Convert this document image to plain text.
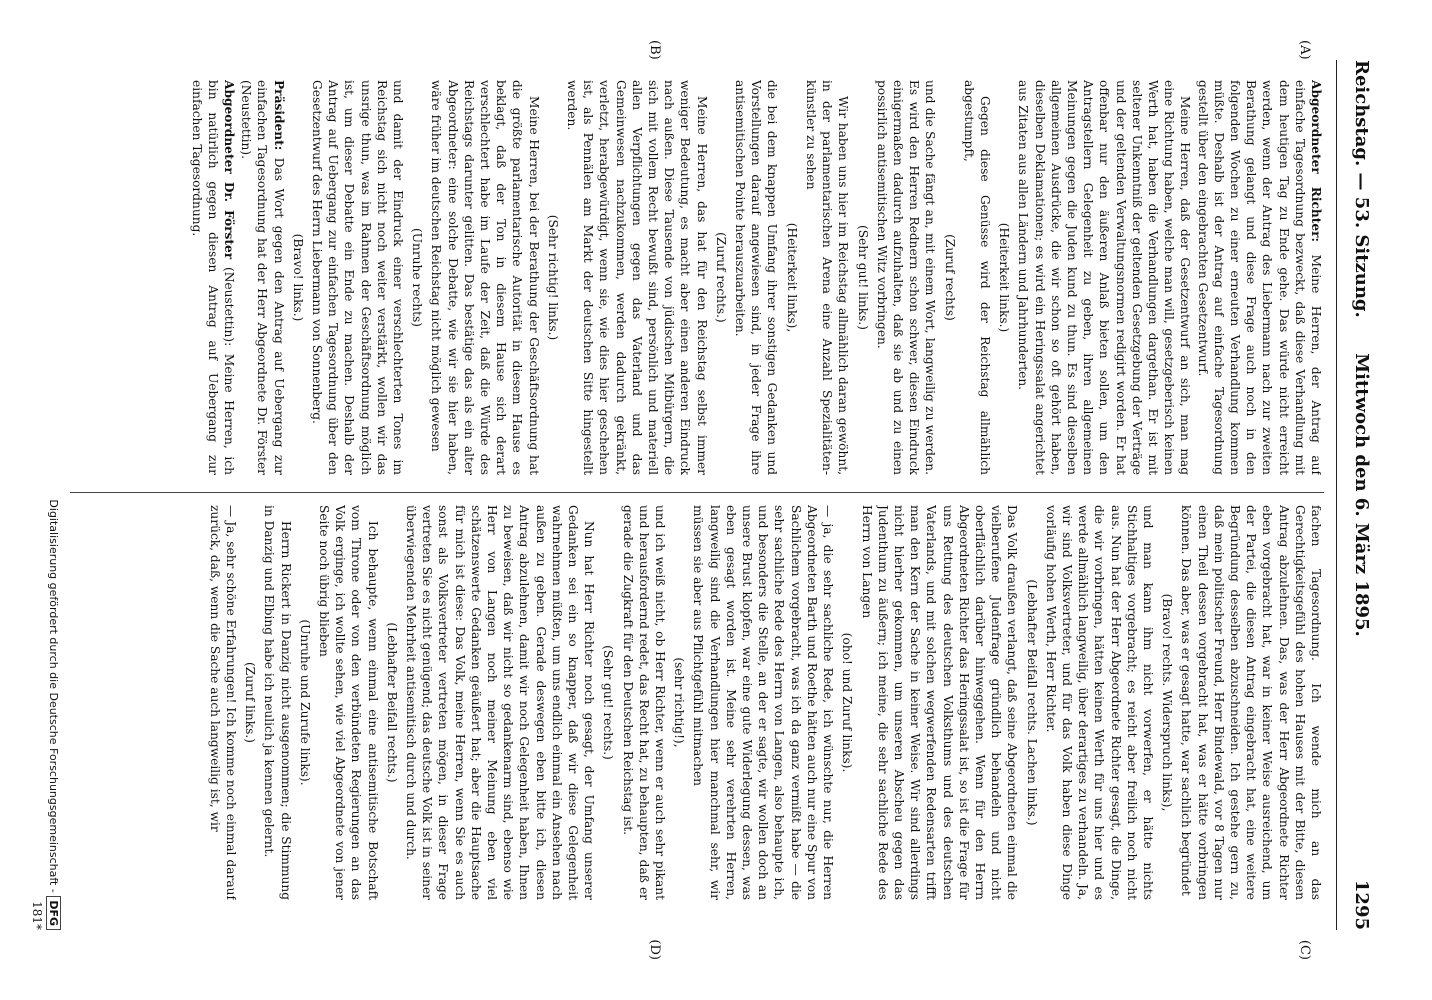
Reichstag. — 53. Sitzung.
Mittwoch den 6. März 1895.
1295
(A)
(B)
(C)
(D)

Abgeordneter Richter: Meine Herren, der Antrag auf einfache Tagesordnung bezweckt, daß diese Verhandlung mit dem heutigen Tag zu Ende gehe. Das würde nicht erreicht werden, wenn der Antrag des Liebermann nach zur zweiten Berathung gelangt und diese Frage auch noch in den folgenden Wochen zu einer erneuten Verhandlung kommen müßte. Deshalb ist der Antrag auf einfache Tagesordnung gestellt über den eingebrachten Gesetzentwurf.

Meine Herren, daß der Gesetzentwurf an sich, man mag eine Richtung haben, welche man will, gesetzgeberisch keinen Werth hat, haben die Verhandlungen dargethan. Er ist mit seltener Unkenntniß der geltenden Gesetzgebung der Verträge und der geltenden Verwaltungsnormen redigirt worden. Er hat offenbar nur den äußeren Anlaß bieten sollen, um den Antragstellern Gelegenheit zu geben, ihren allgemeinen Meinungen gegen die Juden kund zu thun. Es sind dieselben allgemeinen Ausdrücke, die wir schon so oft gehört haben, dieselben Deklamationen; es wird ein Heringssalat angerichtet aus Zitaten aus allen Ländern und Jahrhunderten.

(Heiterkeit links.)

Gegen diese Genüsse wird der Reichstag allmählich abgestumpft,

(Zuruf rechts)

und die Sache fängt an, mit einem Wort, langweilig zu werden. Es wird den Herren Rednern schon schwer, diesen Eindruck einigermaßen dadurch aufzuhalten, daß sie ab und zu einen possirlich antisemitischen Witz vorbringen.

(Sehr gut! links.)

Wir haben uns hier im Reichstag allmählich daran gewöhnt, in der parlamentarischen Arena eine Anzahl Spezialitäten-künstler zu sehen

(Heiterkeit links),

die bei dem knappen Umfang ihrer sonstigen Gedanken und Vorstellungen darauf angewiesen sind, in jeder Frage ihre antisemitischen Pointe herauszuarbeiten.

(Zuruf rechts.)

Meine Herren, das hat für den Reichstag selbst immer weniger Bedeutung, es macht aber einen anderen Eindruck nach außen. Diese Tausende von jüdischen Mitbürgern, die sich mit vollem Recht bewußt sind, persönlich und materiell allen Verpflichtungen gegen das Vaterland und das Gemeinwesen nachzukommen, werden dadurch gekränkt, verletzt, herabgewürdigt, wenn sie, wie dies hier geschehen ist, als Pennälen am Markt der deutschen Sitte hingestellt werden.

(Sehr richtig! links.)

Meine Herren, bei der Berathung der Geschäftsordnung hat die größte parlamentarische Autorität in diesem Hause es beklagt, daß der Ton in diesem Hause sich derart verschlechtert habe im Laufe der Zeit, daß die Würde des Reichstags darunter gelitten. Das bestätige das als ein alter Abgeordneter: eine solche Debatte, wie wir sie hier haben, wäre früher im deutschen Reichstag nicht möglich gewesen

(Unruhe rechts)

und damit der Eindruck einer verschlechterten Tones im Reichstag sich nicht noch weiter verstärkt, wollen wir das unsrige thun, was im Rahmen der Geschäftsordnung möglich ist, um dieser Debatte ein Ende zu machen. Deshalb der Antrag auf Uebergang zur einfachen Tagesordnung über den Gesetzentwurf des Herrn Liebermann von Sonnenberg.

(Bravo! links.)

Präsident: Das Wort gegen den Antrag auf Uebergang zur einfachen Tagesordnung hat der Herr Abgeordnete Dr. Förster (Neustettin).

Abgeordneter Dr. Förster (Neustettin): Meine Herren, ich bin natürlich gegen diesen Antrag auf Uebergang zur einfachen Tagesordnung.

fachen Tagesordnung. Ich wende mich an das Gerechtigkeitsgefühl des hohen Hauses mit der Bitte, diesen Antrag abzulehnen. Das, was der Herr Abgeordnete Richter eben vorgebracht hat, war in keiner Weise ausreichend, um der Partei, die diesen Antrag eingebracht hat, eine weitere Begründung desselben abzuschneiden. Ich gestehe gern zu, daß mein politischer Freund, Herr Bindewald, vor 8 Tagen nur einen Theil dessen vorgebracht hat, was er hätte vorbringen können. Das aber, was er gesagt hatte, war sachlich begründet

(Bravo! rechts. Widerspruch links),

und man kann ihm nicht vorwerfen, er hätte nichts Stichhaltiges vorgebracht; es reicht aber freilich noch nicht aus. Nun hat der Herr Abgeordnete Richter gesagt, die Dinge, die wir vorbringen, hätten keinen Werth für uns hier und es werde allmählich langweilig, über derartiges zu verhandeln. Ja, wir sind Volksvertreter, und für das Volk haben diese Dinge vorläufig hohen Werth, Herr Richter.

(Lebhafter Beifall rechts. Lachen links.)

Das Volk draußen verlangt, daß seine Abgeordneten einmal die vielberufene Judenfrage gründlich behandeln und nicht oberflächlich darüber hinweggehen. Wenn für den Herrn Abgeordneten Richter das Heringssalat ist, so ist die Frage für uns Rettung des deutschen Volksthums und des deutschen Vaterlands, und mit solchen wegwerfenden Redensarten trifft man den Kern der Sache in keiner Weise. Wir sind allerdings nicht hierher gekommen, um unseren Abscheu gegen das Judenthum zu äußern; ich meine, die sehr sachliche Rede des Herrn von Langen

(oho! und Zuruf links).

— ja, die sehr sachliche Rede, ich wünschte nur, die Herren Abgeordneten Barth und Roethe hätten auch nur eine Spur von Sachlichem vorgebracht, was ich da ganz vermißt habe — die sehr sachliche Rede des Herrn von Langen, also behaupte ich, und besonders die Stelle, an der er sagte, wir wollen doch an unsere Brust klopfen, war eine gute Widerlegung dessen, was eben gesagt worden ist. Meine sehr verehrten Herren, langweilig sind die Verhandlungen hier manchmal sehr, wir müssen sie aber aus Pflichtgefühl mitmachen

(sehr richtig!),

und ich weiß nicht, ob Herr Richter, wenn er auch sehr pikant und herausfordernd redet, das Recht hat, zu behaupten, daß er gerade die Zugkraft für den Deutschen Reichstag ist.

(Sehr gut! rechts.)

Nun hat Herr Richter noch gesagt, der Umfang unserer Gedanken sei ein so knapper, daß wir diese Gelegenheit wahrnehmen müßten, um uns endlich einmal ein Ansehen nach außen zu geben. Gerade deswegen eben bitte ich, diesen Antrag abzulehnen, damit wir noch Gelegenheit haben, Ihnen zu beweisen, daß wir nicht so gedankenarm sind, ebenso wie Herr von Langen noch meiner Meinung eben viel schätzenswerte Gedanken geäußert hat; aber die Hauptsache für mich ist diese: Das Volk, meine Herren, wenn Sie es auch sonst als Volksvertreter vertreten mögen, in dieser Frage vertreten Sie es nicht genügend; das deutsche Volk ist in seiner überwiegenden Mehrheit antisemitisch durch und durch.

(Lebhafter Beifall rechts.)

Ich behaupte, wenn einmal eine antisemitische Botschaft vom Throne oder von den verbündeten Regierungen an das Volk erginge, ich wollte sehen, wie viel Abgeordnete von jener Seite noch übrig blieben

(Unruhe und Zurufe links).

Herrn Rickert in Danzig nicht ausgenommen; die Stimmung in Danzig und Elbing habe ich neulich ja kennen gelernt.

(Zuruf links.)

— Ja, sehr schöne Erfahrungen! Ich komme noch einmal darauf zurück, daß, wenn die Sache auch langweilig ist, wir

181*
Digitalisierung gefördert durch die Deutsche Forschungsgemeinschaft - DFG
